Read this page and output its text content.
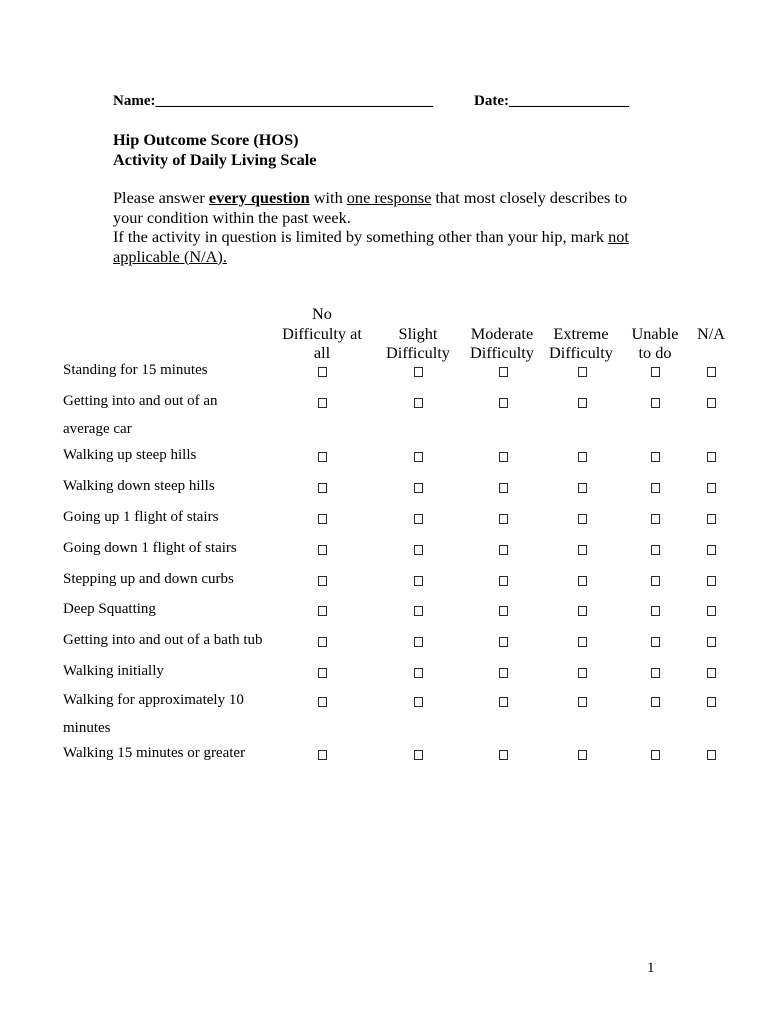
Name:_____________________________________	Date:________________
Hip Outcome Score (HOS)
Activity of Daily Living Scale
Please answer every question with one response that most closely describes to
your condition within the past week.
If the activity in question is limited by something other than your hip, mark not
applicable (N/A).
No
Difficulty at
all
Slight
Difficulty
Moderate
Difficulty
Extreme
Difficulty
Unable
to do
N/A
Standing for 15 minutes
Getting into and out of an
average car
Walking up steep hills
Walking down steep hills
Going up 1 flight of stairs
Going down 1 flight of stairs
Stepping up and down curbs
Deep Squatting
Getting into and out of a bath tub
Walking initially
Walking for approximately 10
minutes
Walking 15 minutes or greater
1
